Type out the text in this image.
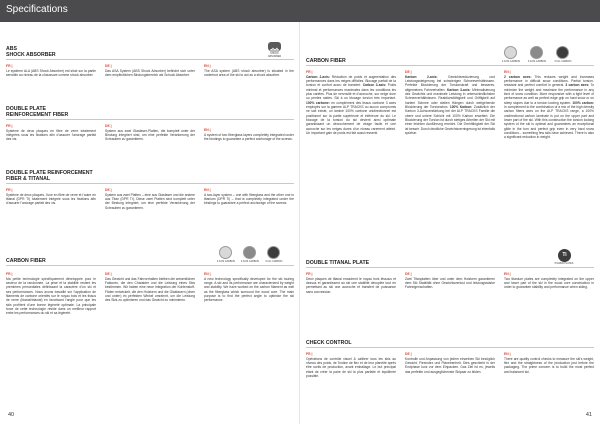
Specifications
ABS
SHOCK ABSORBER	SHOCK
ABSORBER
FR |
Le système ALA (ABS Shock Absorber) est situé sur la partie sensible au niveau de la chaussure comme shock absorber.
DE |
Das ASA System (ABS Shock Absorber) befindet sich unter dem empfindlichen Bindungsbereich als Schock Absorber.
EN |
The ASA system (ABS shock absorber) is situated in the underfoot area of the ski to act as a shock absorber.
DOUBLE PLATE
REINFORCEMENT FIBER
FR |
Système de deux plaques en fibre de verre totalement intégrées sous les fixations afin d’assurer l’ancrage parfait des vis.
DE |
System aus zwei Glasfaser-Platten, die komplett unter der Bindung integriert sind, um eine perfekte Verankerung der Schrauben zu garantieren.
EN |
A system of two fiberglass layers completely integrated under the bindings to guarantee a perfect anchorage of the screws.
DOUBLE PLATE REINFORCEMENT
FIBER & TITANAL
FR |
Système de deux plaques, l’une en fibre de verre et l’autre en titanal (DPR TI) totalement intégrée sous les fixations afin d’assurer l’ancrage parfait des vis.
DE |
System aus zwei Platten – eine aus Glasfaser und die andere aus Titan (DPR TI). Diese zwei Platten sind komplett unter der Bindung integriert, um eine perfekte Verankerung der Schrauben zu garantieren.
EN |
A two-layer system – one with fiberglass and the other one in titanium (DPR Ti) – that is completely integrated under the bindings to guarantee a perfect anchorage of the screws.
CARBON FIBER	2 AXIS CARBON	3 AXIS CARBON	FULL CARBON
FR |
Ma petite technologie spécifiquement développée pour le secteur de la randonnée. La prise et la stabilité restent les premières primordiales définissant la caractère d’un ski et ses performances. Nous avons travaillé sur l’application de filaments de carbone orientés sur le noyau bois et les tissus de verre (biaxial/triaxial) en favorisant l’angle pour que les skis profitent d’une bonne légèreté optimale. La principale force de cette technologie réside dans un meilleur rapport entre les performances du ski et sa légèreté.
DE |
Das Gewicht und das Fahrverhalten bleiben die wesentlichen Faktoren, die den Charakter und die Leistung eines Skis bestimmen. Wir haben eine neue Integration der Kohlenstoff-Fäden entwickelt, die den Holzkern und die Glasfasern (oben und unten) im perfekten Winkel umrahmt, um die Leistung des Skis zu optimieren und das Gewicht zu minimieren.
EN |
A new technology specifically developed for the ski touring range. A ski and its performance are characterized by weight and stability. We have worked on the carbon filament as well as the fiberglass which surround the wood core. The main purpose is to find the perfect angle to optimize the ski performance.
40
CARBON FIBER	2 AXIS CARBON	3 AXIS CARBON	FULL CARBON
FR |
Carbon 2-axis: Réduction de poids et augmentation des performances dans les neiges difficiles. Blocage parfait de la torsion et confort accru de transfert. Carbon 3-axis: Poids minimal et performances maximales dans les conditions les plus variées. Plus de nervosité et d’accroche, sur neige dure ou pentes raides. Ski à un blocage torsion très important. 100% carbone: en complément des tissus carbone 3 axes employés sur la gamme ALP TRACKS ou aucun compromis ne soit existe, un laminé 100% carbone unidirectionnel est positionné sur la partie supérieure et inférieure du ski. Le blocage de la torsion du ski devient ainsi optimale garantissant un décrochement de virage facile et une accroche sur les neiges dures d’un niveau rarement atteint. Un important gain de poids est fait aussi ressenti.
DE |
Karbon 2-axis: Gewichtsreduzierung und Leistungssteigerung bei schwierigen Schneeverhältnissen. Perfekte Blockierung der Torsionskraft und besseres, allgemeines Fahrverhalten. Karbon 3-axis: Minimalisierung des Gewichts und maximale Leistung in unterschiedlichsten Schneeverhältnissen. Reaktionsfähigkeit und Griffigkeit auf hartem Schnee oder steilen Hängen durch weitgehende Blockierung der Torsionsbox. 100% Karbon: Zusätzlich der Karbon 3-Achsverstärkung bei der ALP TRACKS Familie die obere und untere Schicht mit 100% Karbon erweitert. Die Blockierung der Torsion ist durch stetiges Arbeiten der Ski mit einer leichten Ausführung erreicht. Die Drehfähigkeit der Ski ist besser. Durch deutliche Gewichtsverringerung ist ebenfalls spürbar.
EN |
2 carbon axes: This reduces weight and increases performance in difficult snow conditions. Partial torsion-resistant and perfect comfort in general. 3 carbon axes: To minimize the weight and maximize the performance in any kind of snow condition. More responsive with a light level of performance as well as perfect edge grip on hard snow or on steep slopes due to a torsion locking system. 100% carbon: In complement to the combination of a mix of the high density carbon fibers axes on the ALP TRACKS range, a 100% unidirectional carbon laminate is put on the upper part and lower part of the ski. With this construction the torsion locking system of the ski is optimal and guarantees an exceptional glide in the turn and perfect grip even in very hard snow conditions... something few skis have achieved. There is also a significant reduction in weight.
DOUBLE TITANAL PLATE
Ti
POWER PLATES
FR |
Deux plaques de titanal encadrent le noyau bois léssous et dessus et garantissent au ski une stabilité décuplée tout en permettant au ski une accroche et transfert de puissance sans concession.
DE |
Zwei Titanplatten über und unter dem Holzkern garantieren dem Ski Stabilität ohne Gewichtsverlust und leistungsstarke Fahreigenschaften.
EN |
Two titanium plates are completely integrated on the upper and lower part of the ski in the wood core construction in order to guarantee stability and performance when skiing.
CHECK CONTROL
FR |
Opérations de contrôle visuel & calibrer tous les skis au niveau des poids, de l’indice de flex et de leur planéité après être sortis de production, avant emballage. Le but principal étant de créer la paire de ski la plus parfaite et équilibrée possible.
DE |
Kontrolle und Anpassung von jedem einzelnen Ski bezüglich Gewicht, Flexindex und Planebenheit. Dies geschieht in der Endphase kurz vor dem Einpacken. Das Ziel ist es, jeweils das perfekte und ausgeglichenste Skipaar zu bilden.
EN |
There are quality control checks to measure the ski’s weight, flex and the straightness of the production just before the packaging. The prime concern is to build the most perfect and balanced ski.
41
